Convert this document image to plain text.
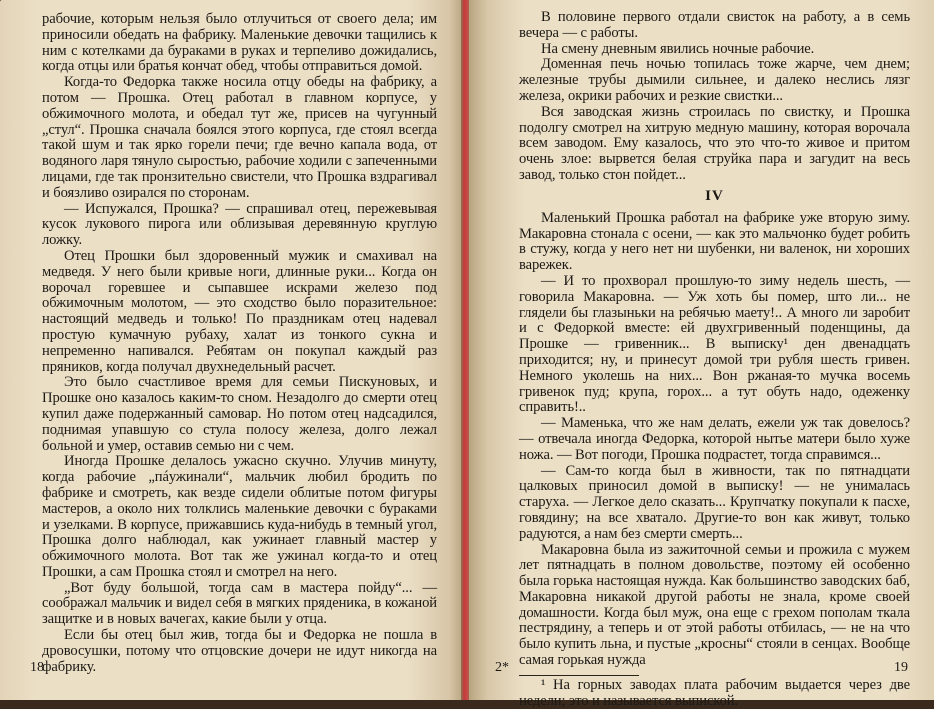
рабочие, которым нельзя было отлучиться от своего дела; им приносили обедать на фабрику. Маленькие девочки тащились к ним с котелками да бураками в руках и терпеливо дожидались, когда отцы или братья кончат обед, чтобы отправиться домой.

Когда-то Федорка также носила отцу обеды на фабрику, а потом — Прошка. Отец работал в главном корпусе, у обжимочного молота, и обедал тут же, присев на чугунный „стул“. Прошка сначала боялся этого корпуса, где стоял всегда такой шум и так ярко горели печи; где вечно капала вода, от водяного ларя тянуло сыростью, рабочие ходили с запеченными лицами, где так пронзительно свистели, что Прошка вздрагивал и боязливо озирался по сторонам.

— Испужался, Прошка? — спрашивал отец, пережевывая кусок лукового пирога или облизывая деревянную круглую ложку.

Отец Прошки был здоровенный мужик и смахивал на медведя. У него были кривые ноги, длинные руки... Когда он ворочал горевшее и сыпавшее искрами железо под обжимочным молотом, — это сходство было поразительное: настоящий медведь и только! По праздникам отец надевал простую кумачную рубаху, халат из тонкого сукна и непременно напивался. Ребятам он покупал каждый раз пряников, когда получал двухнедельный расчет.

Это было счастливое время для семьи Пискуновых, и Прошке оно казалось каким-то сном. Незадолго до смерти отец купил даже подержанный самовар. Но потом отец надсадился, поднимая упавшую со стула полосу железа, долго лежал больной и умер, оставив семью ни с чем.

Иногда Прошке делалось ужасно скучно. Улучив минуту, когда рабочие „пáужинали“, мальчик любил бродить по фабрике и смотреть, как везде сидели облитые потом фигуры мастеров, а около них толклись маленькие девочки с бураками и узелками. В корпусе, прижавшись куда-нибудь в темный угол, Прошка долго наблюдал, как ужинает главный мастер у обжимочного молота. Вот так же ужинал когда-то и отец Прошки, а сам Прошка стоял и смотрел на него.

„Вот буду большой, тогда сам в мастера пойду“... — соображал мальчик и видел себя в мягких пряденика, в кожаной защитке и в новых вачегах, какие были у отца.

Если бы отец был жив, тогда бы и Федорка не пошла в дровосушки, потому что отцовские дочери не идут никогда на фабрику.

18

В половине первого отдали свисток на работу, а в семь вечера — с работы.

На смену дневным явились ночные рабочие.

Доменная печь ночью топилась тоже жарче, чем днем; железные трубы дымили сильнее, и далеко неслись лязг железа, окрики рабочих и резкие свистки...

Вся заводская жизнь строилась по свистку, и Прошка подолгу смотрел на хитрую медную машину, которая ворочала всем заводом. Ему казалось, что это что-то живое и притом очень злое: вырвется белая струйка пара и загудит на весь завод, только стон пойдет...

IV

Маленький Прошка работал на фабрике уже вторую зиму. Макаровна стонала с осени, — как это мальчонко будет робить в стужу, когда у него нет ни шубенки, ни валенок, ни хороших варежек.

— И то прохворал прошлую-то зиму недель шесть, — говорила Макаровна. — Уж хоть бы помер, што ли... не глядели бы глазыньки на ребячью маету!.. А много ли заробит и с Федоркой вместе: ей двухгривенный поденщины, да Прошке — гривенник... В выписку¹ ден двенадцать приходится; ну, и принесут домой три рубля шесть гривен. Немного уколешь на них... Вон ржаная-то мучка восемь гривенок пуд; крупа, горох... а тут обуть надо, одеженку справить!..

— Маменька, что же нам делать, ежели уж так довелось? — отвечала иногда Федорка, которой нытье матери было хуже ножа. — Вот погоди, Прошка подрастет, тогда справимся...

— Сам-то когда был в живности, так по пятнадцати цалковых приносил домой в выписку! — не унималась старуха. — Легкое дело сказать... Крупчатку покупали к пасхе, говядину; на все хватало. Другие-то вон как живут, только радуются, а нам без смерти смерть...

Макаровна была из зажиточной семьи и прожила с мужем лет пятнадцать в полном довольстве, поэтому ей особенно была горька настоящая нужда. Как большинство заводских баб, Макаровна никакой другой работы не знала, кроме своей домашности. Когда был муж, она еще с грехом пополам ткала пестрядину, а теперь и от этой работы отбилась, — не на что было купить льна, и пустые „кросны“ стояли в сенцах. Вообще самая горькая нужда

¹ На горных заводах плата рабочим выдается через две недели; это и называется выпиской.

2*	19
